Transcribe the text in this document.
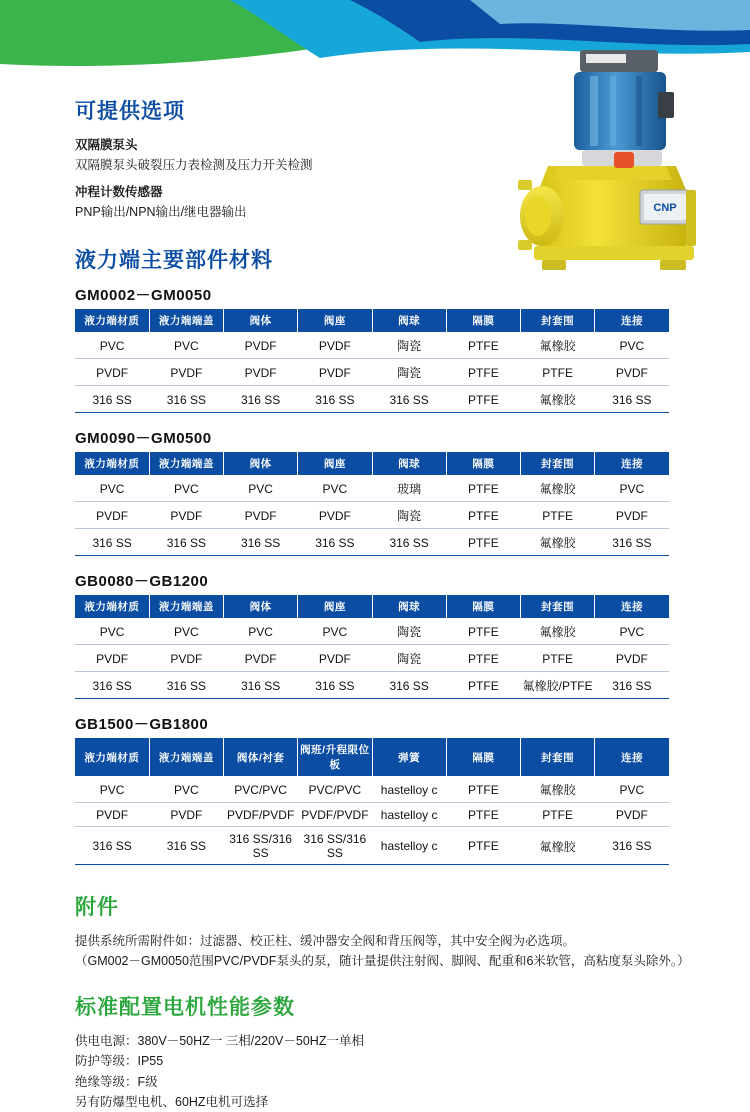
CNP
可提供选项

双隔膜泵头

双隔膜泵头破裂压力表检测及压力开关检测

冲程计数传感器

PNP输出/NPN输出/继电器输出

液力端主要部件材料
GM0002－GM0050
液力端材质	液力端端盖	阀体	阀座	阀球	隔膜	封套围	连接
PVC	PVC	PVDF	PVDF	陶瓷	PTFE	氟橡胶	PVC
PVDF	PVDF	PVDF	PVDF	陶瓷	PTFE	PTFE	PVDF
316 SS	316 SS	316 SS	316 SS	316 SS	PTFE	氟橡胶	316 SS
GM0090－GM0500
液力端材质	液力端端盖	阀体	阀座	阀球	隔膜	封套围	连接
PVC	PVC	PVC	PVC	玻璃	PTFE	氟橡胶	PVC
PVDF	PVDF	PVDF	PVDF	陶瓷	PTFE	PTFE	PVDF
316 SS	316 SS	316 SS	316 SS	316 SS	PTFE	氟橡胶	316 SS
GB0080－GB1200
液力端材质	液力端端盖	阀体	阀座	阀球	隔膜	封套围	连接
PVC	PVC	PVC	PVC	陶瓷	PTFE	氟橡胶	PVC
PVDF	PVDF	PVDF	PVDF	陶瓷	PTFE	PTFE	PVDF
316 SS	316 SS	316 SS	316 SS	316 SS	PTFE	氟橡胶/PTFE	316 SS
GB1500－GB1800
液力端材质	液力端端盖	阀体/衬套	阀班/升程限位板	弹簧	隔膜	封套围	连接
PVC	PVC	PVC/PVC	PVC/PVC	hastelloy c	PTFE	氟橡胶	PVC
PVDF	PVDF	PVDF/PVDF	PVDF/PVDF	hastelloy c	PTFE	PTFE	PVDF
316 SS	316 SS	316 SS/316 SS	316 SS/316 SS	hastelloy c	PTFE	氟橡胶	316 SS
附件

提供系统所需附件如：过滤器、校正柱、缓冲器安全阀和背压阀等，其中安全阀为必选项。

（GM002－GM0050范围PVC/PVDF泵头的泵，随计量提供注射阀、脚阀、配重和6米软管，高粘度泵头除外。）

标准配置电机性能参数

供电电源：380V－50HZ一 三相/220V－50HZ一单相

防护等级：IP55

绝缘等级：F级

另有防爆型电机、60HZ电机可选择
